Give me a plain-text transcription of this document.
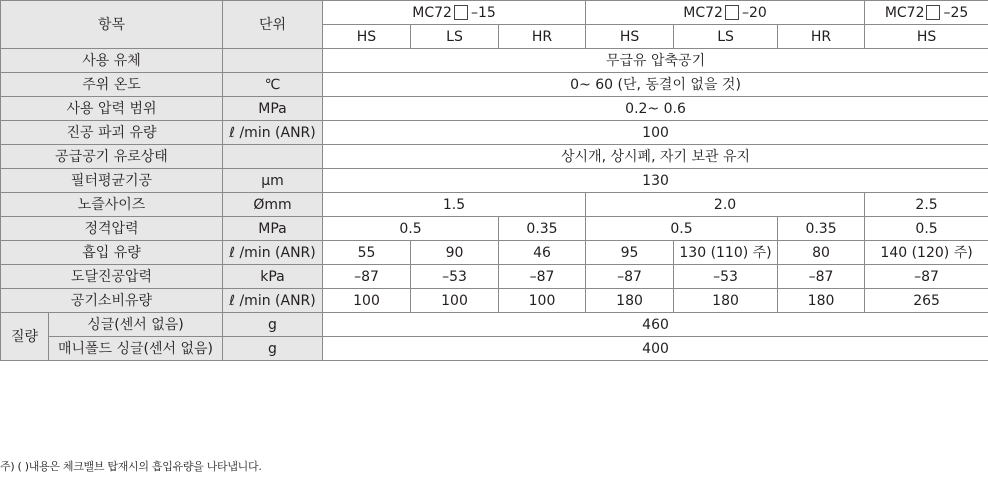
항목		단위	MC72 –15			MC72 –20			MC72 –25
			HS	LS	HR	HS	LS	HR	HS
사용 유체			무급유 압축공기						
주위 온도		℃	0~ 60 (단, 동결이 없을 것)						
사용 압력 범위		MPa	0.2~ 0.6						
진공 파괴 유량		ℓ /min (ANR)	100						
공급공기 유로상태			상시개, 상시폐, 자기 보관 유지						
필터평균기공		μm	130						
노즐사이즈		Ømm	1.5			2.0			2.5
정격압력		MPa	0.5		0.35	0.5		0.35	0.5
흡입 유량		ℓ /min (ANR)	55	90	46	95	130 (110) 주)	80	140 (120) 주)
도달진공압력		kPa	–87	–53	–87	–87	–53	–87	–87
공기소비유량		ℓ /min (ANR)	100	100	100	180	180	180	265
질량	싱글(센서 없음)	g	460						
	매니폴드 싱글(센서 없음)	g	400						
주) ( )내용은 체크밸브 탑재시의 흡입유량을 나타냅니다.
